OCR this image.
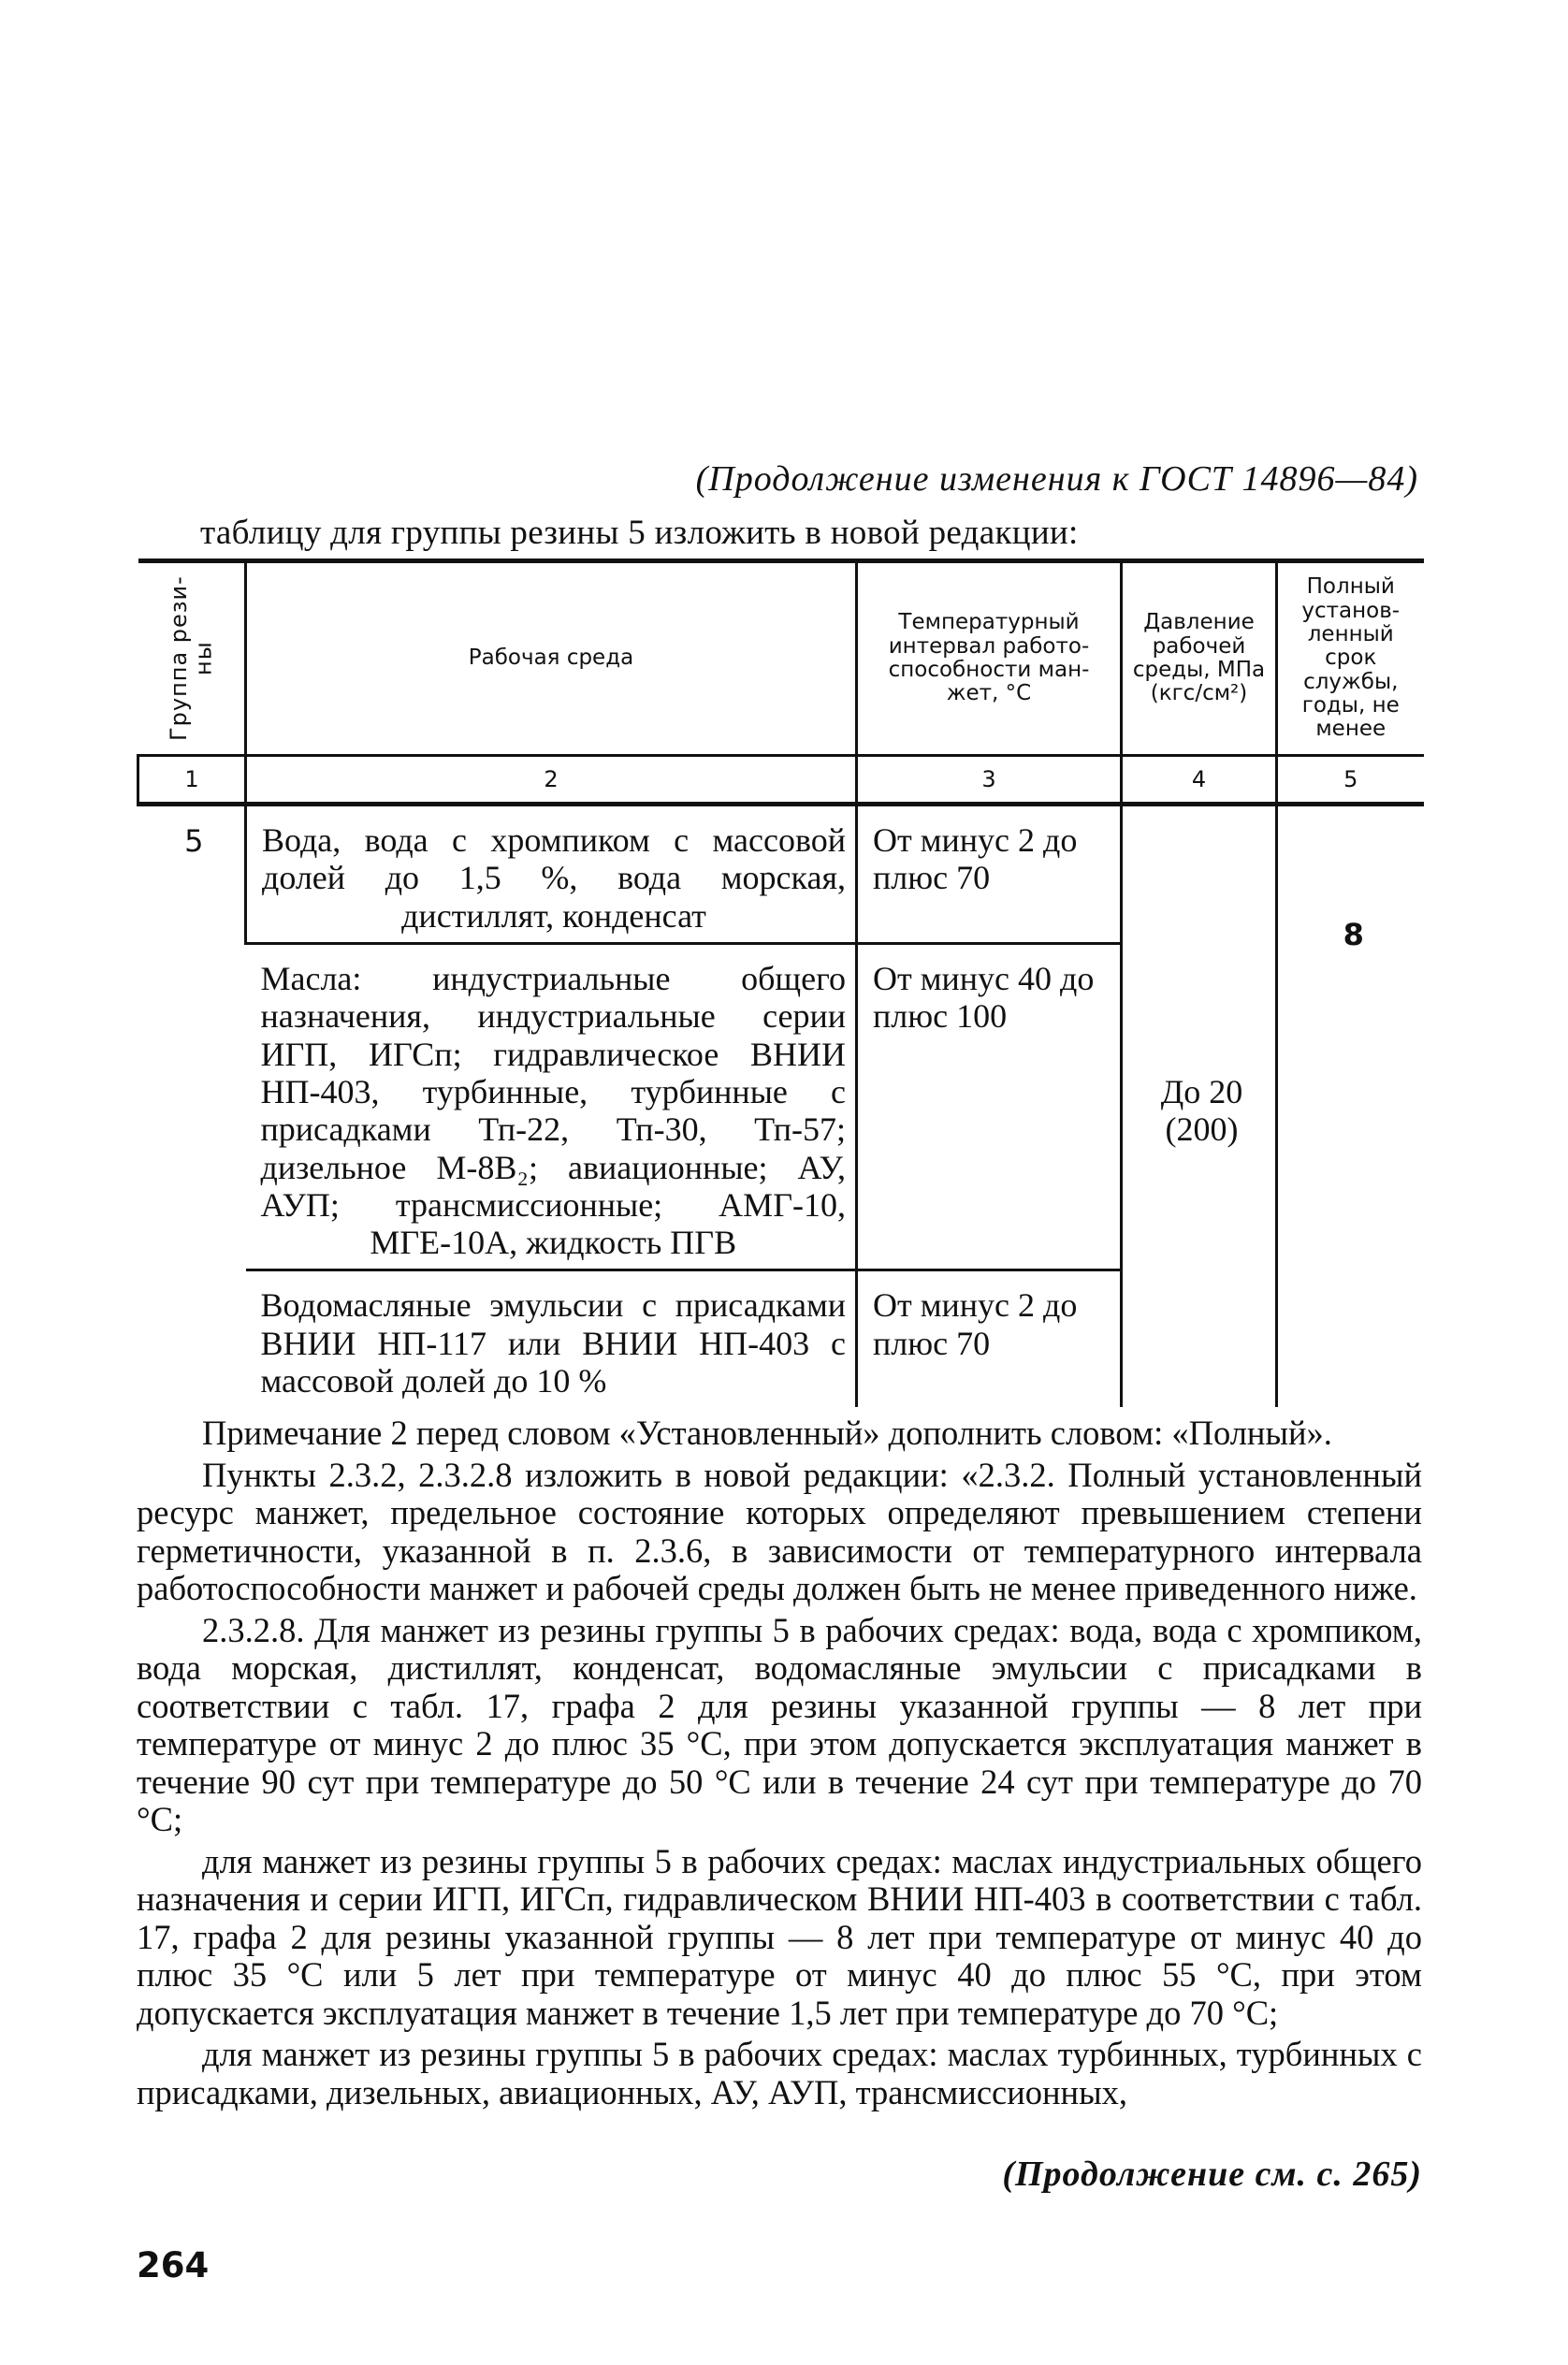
(Продолжение изменения к ГОСТ 14896—84)
таблицу для группы резины 5 изложить в новой редакции:
Группа рези-ны	Рабочая среда	Температурный интервал работо-способности ман-жет, °С	Давление рабочей среды, МПа (кгс/см²)	Полный установ-ленный срок службы, годы, не менее
1	2	3	4	5
5	Вода, вода с хромпиком с массовой долей до 1,5 %, вода морская, дистиллят, конденсат	От минус 2 до плюс 70	До 20 (200)	8
	Масла: индустриальные общего назначения, индустриальные серии ИГП, ИГСп; гидравлическое ВНИИ НП-403, турбинные, турбинные с присадками Тп-22, Тп-30, Тп-57; дизельное М-8В₂; авиационные; АУ, АУП; трансмиссионные; АМГ-10, МГЕ-10А, жидкость ПГВ	От минус 40 до плюс 100		
	Водомасляные эмульсии с присадками ВНИИ НП-117 или ВНИИ НП-403 с массовой долей до 10 %	От минус 2 до плюс 70		

Примечание 2 перед словом «Установленный» дополнить словом: «Полный».

Пункты 2.3.2, 2.3.2.8 изложить в новой редакции: «2.3.2. Полный установленный ресурс манжет, предельное состояние которых определяют превышением степени герметичности, указанной в п. 2.3.6, в зависимости от температурного интервала работоспособности манжет и рабочей среды должен быть не менее приведенного ниже.

2.3.2.8. Для манжет из резины группы 5 в рабочих средах: вода, вода с хромпиком, вода морская, дистиллят, конденсат, водомасляные эмульсии с присадками в соответствии с табл. 17, графа 2 для резины указанной группы — 8 лет при температуре от минус 2 до плюс 35 °С, при этом допускается эксплуатация манжет в течение 90 сут при температуре до 50 °С или в течение 24 сут при температуре до 70 °С;

для манжет из резины группы 5 в рабочих средах: маслах индустриальных общего назначения и серии ИГП, ИГСп, гидравлическом ВНИИ НП-403 в соответствии с табл. 17, графа 2 для резины указанной группы — 8 лет при температуре от минус 40 до плюс 35 °С или 5 лет при температуре от минус 40 до плюс 55 °С, при этом допускается эксплуатация манжет в течение 1,5 лет при температуре до 70 °С;

для манжет из резины группы 5 в рабочих средах: маслах турбинных, турбинных с присадками, дизельных, авиационных, АУ, АУП, трансмиссионных,

(Продолжение см. с. 265)
264
